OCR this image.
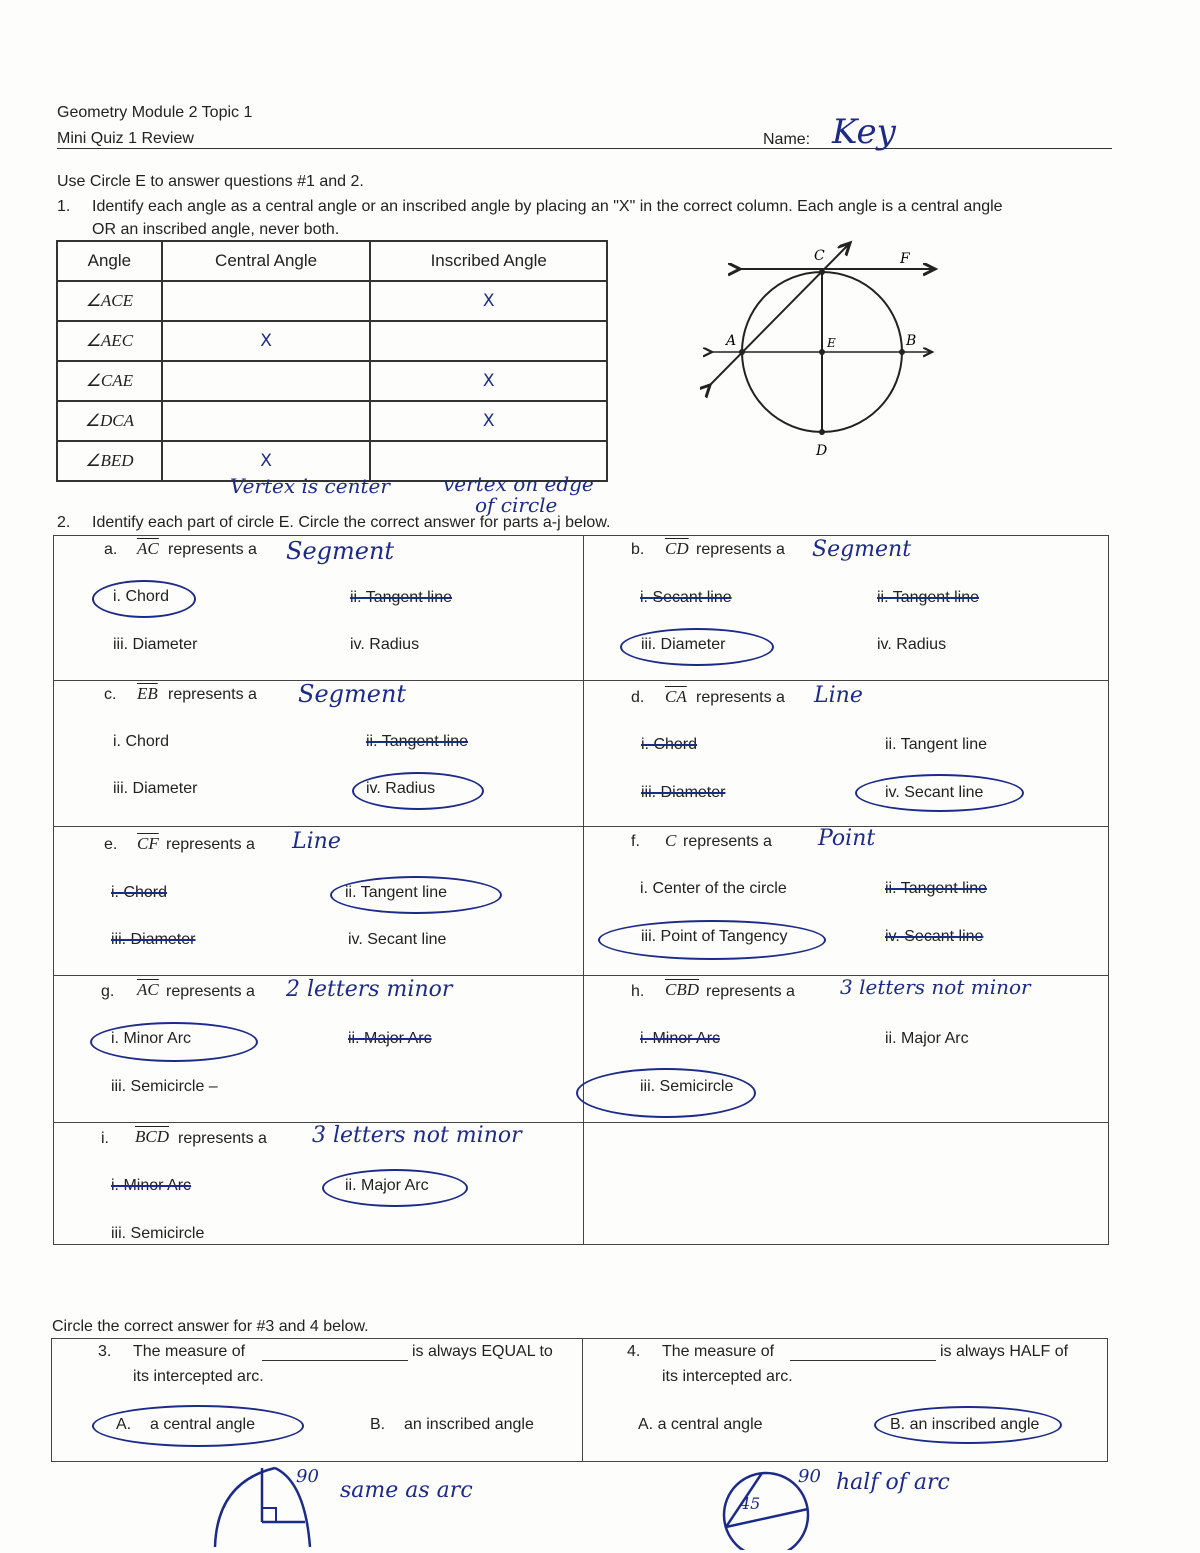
Geometry Module 2 Topic 1
Mini Quiz 1 Review	Name: Key
Use Circle E to answer questions #1 and 2.
1. Identify each angle as a central angle or an inscribed angle by placing an "X" in the correct column. Each angle is a central angle
OR an inscribed angle, never both.
Angle	Central Angle	Inscribed Angle
∠ACE		X
∠AEC	X	
∠CAE		X
∠DCA		X
∠BED	X	
Vertex is center	vertex on edge
of circle
C	F
A	E	B
D
2. Identify each part of circle E. Circle the correct answer for parts a-j below.
a. $\overline{AC}$ represents a Segment
i. Chord	ii. Tangent line
iii. Diameter	iv. Radius
b. $\overline{CD}$ represents a Segment
i. Secant line	ii. Tangent line
iii. Diameter	iv. Radius
c. $\overline{EB}$ represents a Segment
i. Chord	ii. Tangent line
iii. Diameter	iv. Radius
d. $\overline{CA}$ represents a Line
i. Chord	ii. Tangent line
iii. Diameter	iv. Secant line
e. $\overline{CF}$ represents a Line
i. Chord	ii. Tangent line
iii. Diameter	iv. Secant line
f. C represents a Point
i. Center of the circle	ii. Tangent line
iii. Point of Tangency	iv. Secant line
g. $\overline{AC}$ represents a 2 letters minor
i. Minor Arc	ii. Major Arc
iii. Semicircle –
h. $\overline{CBD}$ represents a 3 letters not minor
i. Minor Arc	ii. Major Arc
iii. Semicircle
i. $\overline{BCD}$ represents a 3 letters not minor
i. Minor Arc	ii. Major Arc
iii. Semicircle
Circle the correct answer for #3 and 4 below.
3. The measure of	is always EQUAL to
its intercepted arc.
A. a central angle	B. an inscribed angle
4. The measure of	is always HALF of
its intercepted arc.
A. a central angle	B. an inscribed angle
90
same as arc
45
90 half of arc
